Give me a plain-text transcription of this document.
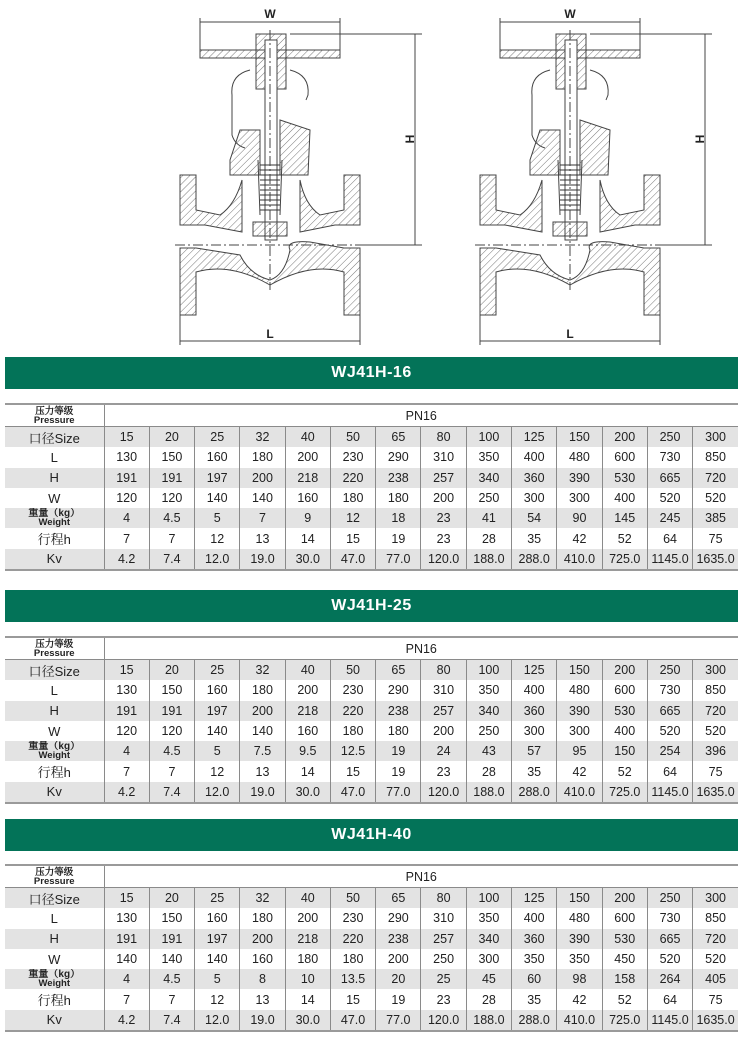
W
H
L
W
H
L
WJ41H-16
压力等级
Pressure	PN16													
口径Size	15	20	25	32	40	50	65	80	100	125	150	200	250	300
L	130	150	160	180	200	230	290	310	350	400	480	600	730	850
H	191	191	197	200	218	220	238	257	340	360	390	530	665	720
W	120	120	140	140	160	180	180	200	250	300	300	400	520	520

重量（kg）
Weight	4	4.5	5	7	9	12	18	23	41	54	90	145	245	385
行程h	7	7	12	13	14	15	19	23	28	35	42	52	64	75
Kv	4.2	7.4	12.0	19.0	30.0	47.0	77.0	120.0	188.0	288.0	410.0	725.0	1145.0	1635.0
WJ41H-25
压力等级
Pressure	PN16													
口径Size	15	20	25	32	40	50	65	80	100	125	150	200	250	300
L	130	150	160	180	200	230	290	310	350	400	480	600	730	850
H	191	191	197	200	218	220	238	257	340	360	390	530	665	720
W	120	120	140	140	160	180	180	200	250	300	300	400	520	520

重量（kg）
Weight	4	4.5	5	7.5	9.5	12.5	19	24	43	57	95	150	254	396
行程h	7	7	12	13	14	15	19	23	28	35	42	52	64	75
Kv	4.2	7.4	12.0	19.0	30.0	47.0	77.0	120.0	188.0	288.0	410.0	725.0	1145.0	1635.0
WJ41H-40
压力等级
Pressure	PN16													
口径Size	15	20	25	32	40	50	65	80	100	125	150	200	250	300
L	130	150	160	180	200	230	290	310	350	400	480	600	730	850
H	191	191	197	200	218	220	238	257	340	360	390	530	665	720
W	140	140	140	160	180	180	200	250	300	350	350	450	520	520

重量（kg）
Weight	4	4.5	5	8	10	13.5	20	25	45	60	98	158	264	405
行程h	7	7	12	13	14	15	19	23	28	35	42	52	64	75
Kv	4.2	7.4	12.0	19.0	30.0	47.0	77.0	120.0	188.0	288.0	410.0	725.0	1145.0	1635.0
